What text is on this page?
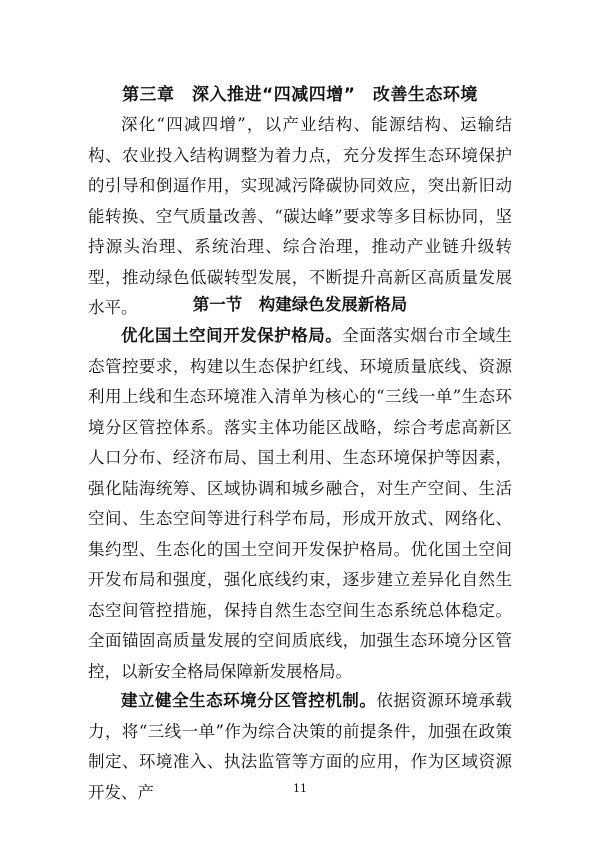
第三章　深入推进“四减四增”　改善生态环境

深化“四减四增”，以产业结构、能源结构、运输结构、农业投入结构调整为着力点，充分发挥生态环境保护的引导和倒逼作用，实现减污降碳协同效应，突出新旧动能转换、空气质量改善、“碳达峰”要求等多目标协同，坚持源头治理、系统治理、综合治理，推动产业链升级转型，推动绿色低碳转型发展，不断提升高新区高质量发展水平。	第一节　构建绿色发展新格局

优化国土空间开发保护格局。全面落实烟台市全域生态管控要求，构建以生态保护红线、环境质量底线、资源利用上线和生态环境准入清单为核心的“三线一单”生态环境分区管控体系。落实主体功能区战略，综合考虑高新区人口分布、经济布局、国土利用、生态环境保护等因素，强化陆海统筹、区域协调和城乡融合，对生产空间、生活空间、生态空间等进行科学布局，形成开放式、网络化、集约型、生态化的国土空间开发保护格局。优化国土空间开发布局和强度，强化底线约束，逐步建立差异化自然生态空间管控措施，保持自然生态空间生态系统总体稳定。全面锚固高质量发展的空间质底线，加强生态环境分区管控，以新安全格局保障新发展格局。

建立健全生态环境分区管控机制。依据资源环境承载力，将“三线一单”作为综合决策的前提条件，加强在政策制定、环境准入、执法监管等方面的应用，作为区域资源开发、产	11
